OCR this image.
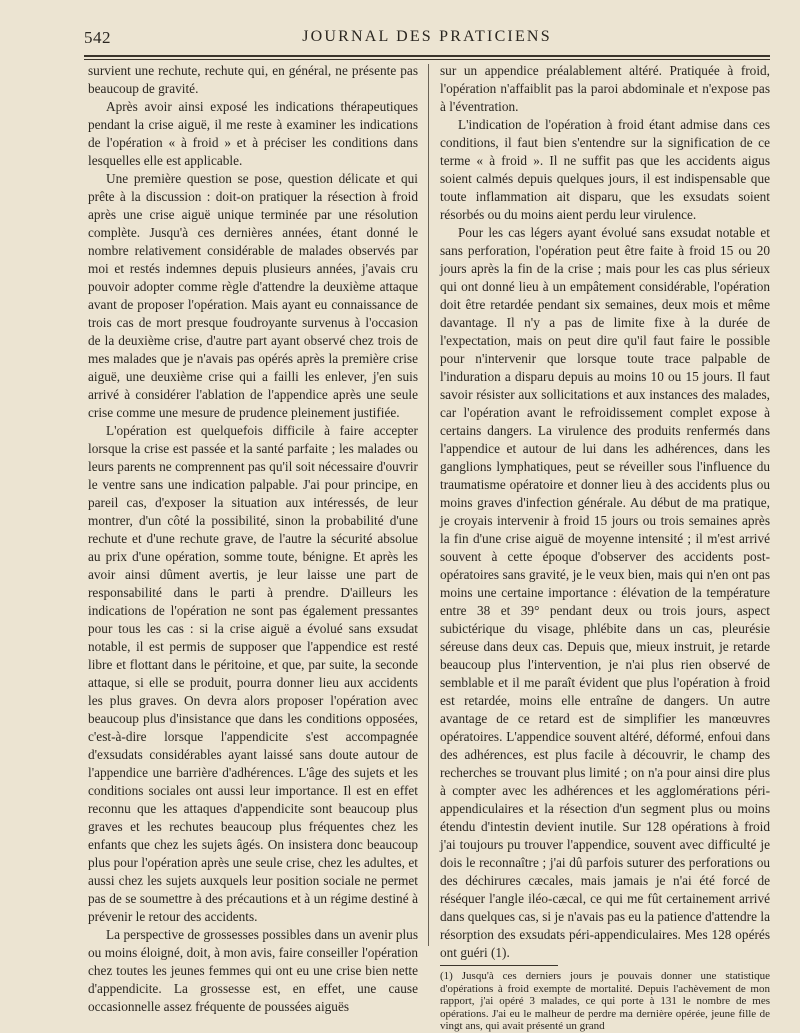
542	JOURNAL DES PRATICIENS

survient une rechute, rechute qui, en général, ne présente pas beaucoup de gravité.

Après avoir ainsi exposé les indications thérapeutiques pendant la crise aiguë, il me reste à examiner les indications de l'opération « à froid » et à préciser les conditions dans lesquelles elle est applicable.

Une première question se pose, question délicate et qui prête à la discussion : doit-on pratiquer la résection à froid après une crise aiguë unique terminée par une résolution complète. Jusqu'à ces dernières années, étant donné le nombre relativement considérable de malades observés par moi et restés indemnes depuis plusieurs années, j'avais cru pouvoir adopter comme règle d'attendre la deuxième attaque avant de proposer l'opération. Mais ayant eu connaissance de trois cas de mort presque foudroyante survenus à l'occasion de la deuxième crise, d'autre part ayant observé chez trois de mes malades que je n'avais pas opérés après la première crise aiguë, une deuxième crise qui a failli les enlever, j'en suis arrivé à considérer l'ablation de l'appendice après une seule crise comme une mesure de prudence pleinement justifiée.

L'opération est quelquefois difficile à faire accepter lorsque la crise est passée et la santé parfaite ; les malades ou leurs parents ne comprennent pas qu'il soit nécessaire d'ouvrir le ventre sans une indication palpable. J'ai pour principe, en pareil cas, d'exposer la situation aux intéressés, de leur montrer, d'un côté la possibilité, sinon la probabilité d'une rechute et d'une rechute grave, de l'autre la sécurité absolue au prix d'une opération, somme toute, bénigne. Et après les avoir ainsi dûment avertis, je leur laisse une part de responsabilité dans le parti à prendre. D'ailleurs les indications de l'opération ne sont pas également pressantes pour tous les cas : si la crise aiguë a évolué sans exsudat notable, il est permis de supposer que l'appendice est resté libre et flottant dans le péritoine, et que, par suite, la seconde attaque, si elle se produit, pourra donner lieu aux accidents les plus graves. On devra alors proposer l'opération avec beaucoup plus d'insistance que dans les conditions opposées, c'est-à-dire lorsque l'appendicite s'est accompagnée d'exsudats considérables ayant laissé sans doute autour de l'appendice une barrière d'adhérences. L'âge des sujets et les conditions sociales ont aussi leur importance. Il est en effet reconnu que les attaques d'appendicite sont beaucoup plus graves et les rechutes beaucoup plus fréquentes chez les enfants que chez les sujets âgés. On insistera donc beaucoup plus pour l'opération après une seule crise, chez les adultes, et aussi chez les sujets auxquels leur position sociale ne permet pas de se soumettre à des précautions et à un régime destiné à prévenir le retour des accidents.

La perspective de grossesses possibles dans un avenir plus ou moins éloigné, doit, à mon avis, faire conseiller l'opération chez toutes les jeunes femmes qui ont eu une crise bien nette d'appendicite. La grossesse est, en effet, une cause occasionnelle assez fréquente de poussées aiguës

sur un appendice préalablement altéré. Pratiquée à froid, l'opération n'affaiblit pas la paroi abdominale et n'expose pas à l'éventration.

L'indication de l'opération à froid étant admise dans ces conditions, il faut bien s'entendre sur la signification de ce terme « à froid ». Il ne suffit pas que les accidents aigus soient calmés depuis quelques jours, il est indispensable que toute inflammation ait disparu, que les exsudats soient résorbés ou du moins aient perdu leur virulence.

Pour les cas légers ayant évolué sans exsudat notable et sans perforation, l'opération peut être faite à froid 15 ou 20 jours après la fin de la crise ; mais pour les cas plus sérieux qui ont donné lieu à un empâtement considérable, l'opération doit être retardée pendant six semaines, deux mois et même davantage. Il n'y a pas de limite fixe à la durée de l'expectation, mais on peut dire qu'il faut faire le possible pour n'intervenir que lorsque toute trace palpable de l'induration a disparu depuis au moins 10 ou 15 jours. Il faut savoir résister aux sollicitations et aux instances des malades, car l'opération avant le refroidissement complet expose à certains dangers. La virulence des produits renfermés dans l'appendice et autour de lui dans les adhérences, dans les ganglions lymphatiques, peut se réveiller sous l'influence du traumatisme opératoire et donner lieu à des accidents plus ou moins graves d'infection générale. Au début de ma pratique, je croyais intervenir à froid 15 jours ou trois semaines après la fin d'une crise aiguë de moyenne intensité ; il m'est arrivé souvent à cette époque d'observer des accidents post-opératoires sans gravité, je le veux bien, mais qui n'en ont pas moins une certaine importance : élévation de la température entre 38 et 39° pendant deux ou trois jours, aspect subictérique du visage, phlébite dans un cas, pleurésie séreuse dans deux cas. Depuis que, mieux instruit, je retarde beaucoup plus l'intervention, je n'ai plus rien observé de semblable et il me paraît évident que plus l'opération à froid est retardée, moins elle entraîne de dangers. Un autre avantage de ce retard est de simplifier les manœuvres opératoires. L'appendice souvent altéré, déformé, enfoui dans des adhérences, est plus facile à découvrir, le champ des recherches se trouvant plus limité ; on n'a pour ainsi dire plus à compter avec les adhérences et les agglomérations péri-appendiculaires et la résection d'un segment plus ou moins étendu d'intestin devient inutile. Sur 128 opérations à froid j'ai toujours pu trouver l'appendice, souvent avec difficulté je dois le reconnaître ; j'ai dû parfois suturer des perforations ou des déchirures cæcales, mais jamais je n'ai été forcé de réséquer l'angle iléo-cæcal, ce qui me fût certainement arrivé dans quelques cas, si je n'avais pas eu la patience d'attendre la résorption des exsudats péri-appendiculaires. Mes 128 opérés ont guéri (1).

(1) Jusqu'à ces derniers jours je pouvais donner une statistique d'opérations à froid exempte de mortalité. Depuis l'achèvement de mon rapport, j'ai opéré 3 malades, ce qui porte à 131 le nombre de mes opérations. J'ai eu le malheur de perdre ma dernière opérée, jeune fille de vingt ans, qui avait présenté un grand
